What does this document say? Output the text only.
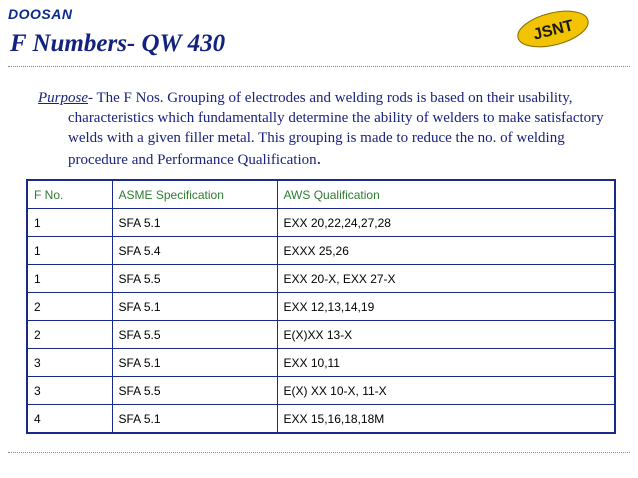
DOOSAN
JSNT
F Numbers- QW 430
Purpose- The F Nos. Grouping of electrodes and welding rods is based on their usability, characteristics which fundamentally determine the ability of welders to make satisfactory welds with a given filler metal. This grouping is made to reduce the no. of welding procedure and Performance Qualification.
F No.	ASME Specification	AWS Qualification
1	SFA 5.1	EXX 20,22,24,27,28
1	SFA 5.4	EXXX 25,26
1	SFA 5.5	EXX 20-X, EXX 27-X
2	SFA 5.1	EXX 12,13,14,19
2	SFA 5.5	E(X)XX 13-X
3	SFA 5.1	EXX 10,11
3	SFA 5.5	E(X) XX 10-X, 11-X
4	SFA 5.1	EXX 15,16,18,18M
